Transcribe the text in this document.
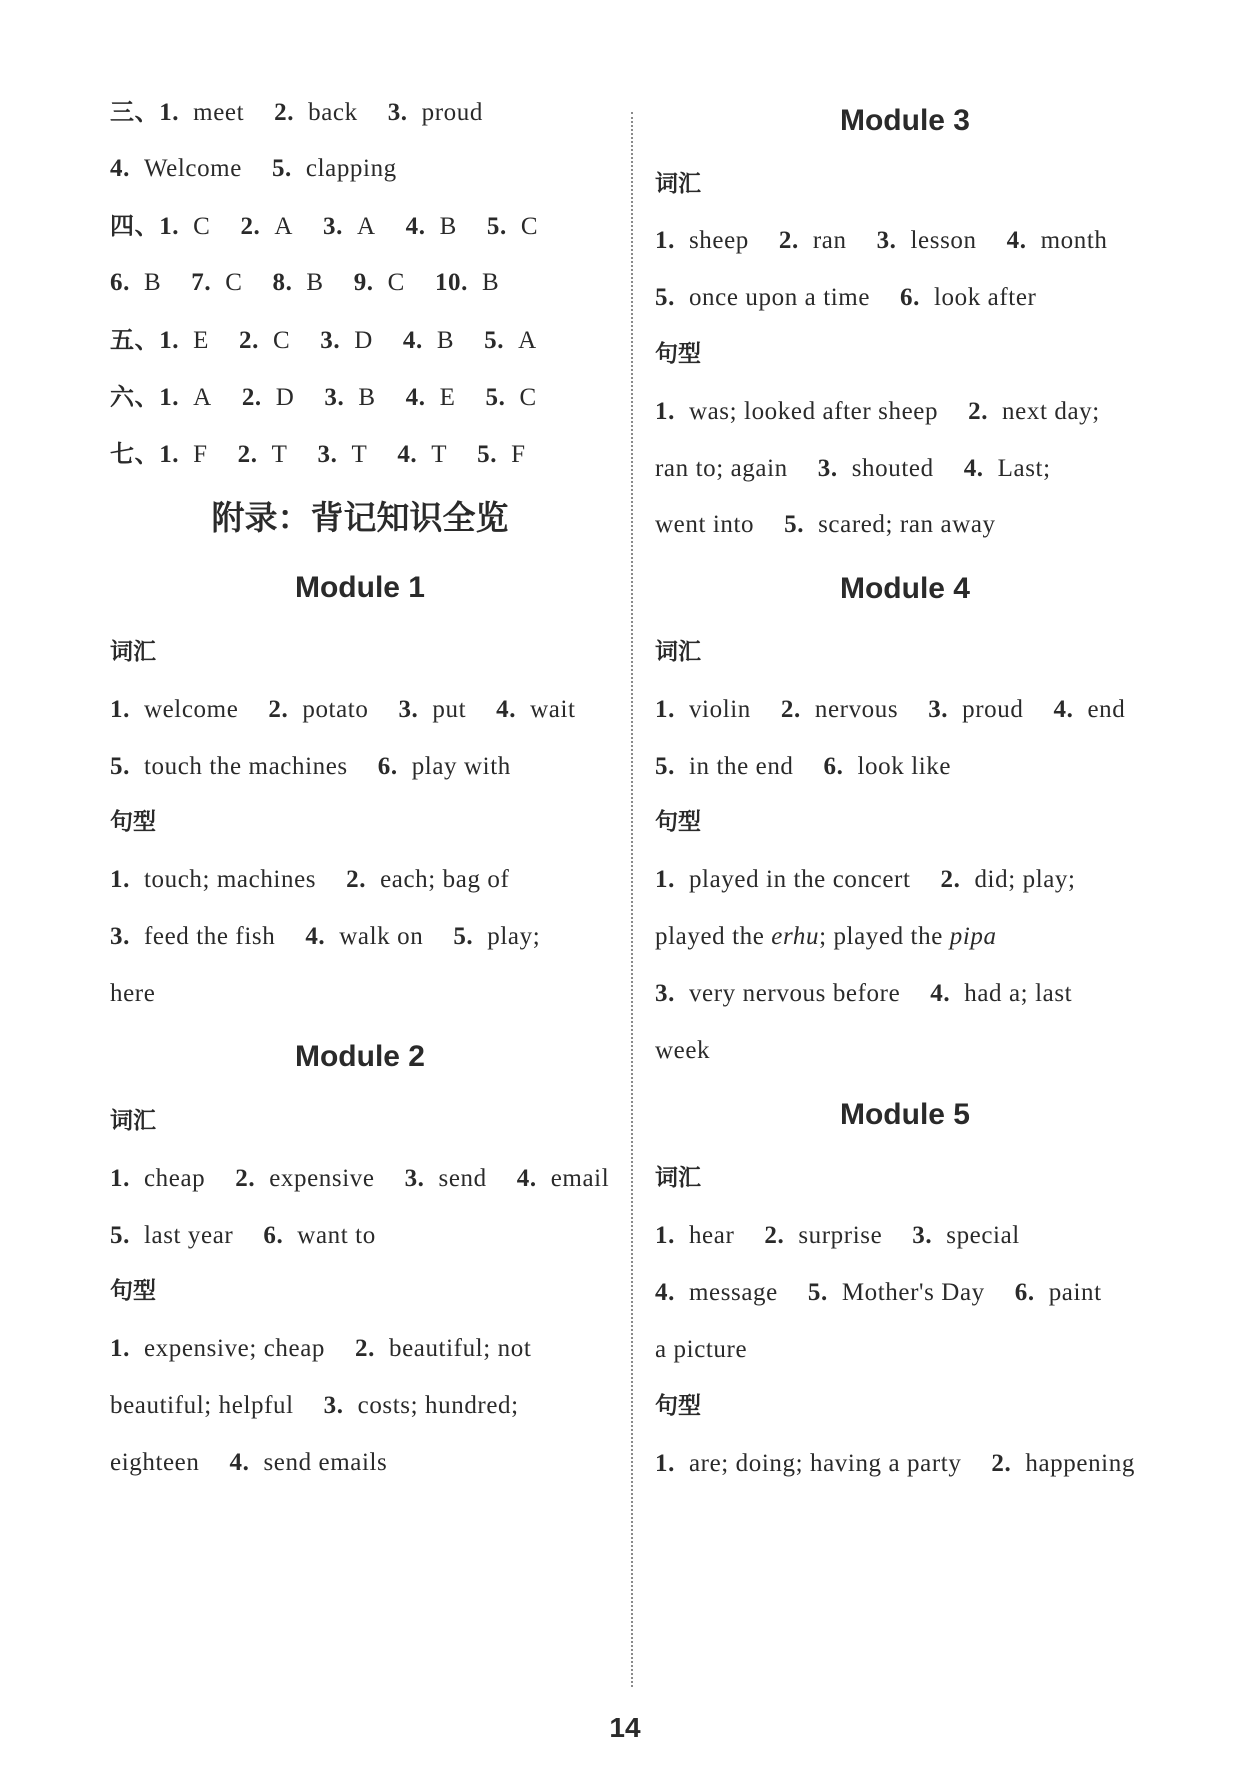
三、1. meet 2. back 3. proud
4. Welcome 5. clapping
四、1. C 2. A 3. A 4. B 5. C
6. B 7. C 8. B 9. C 10. B
五、1. E 2. C 3. D 4. B 5. A
六、1. A 2. D 3. B 4. E 5. C
七、1. F 2. T 3. T 4. T 5. F
附录：背记知识全览
Module 1
词汇
1. welcome 2. potato 3. put 4. wait
5. touch the machines 6. play with
句型
1. touch; machines 2. each; bag of
3. feed the fish 4. walk on 5. play;
here
Module 2
词汇
1. cheap 2. expensive 3. send 4. email
5. last year 6. want to
句型
1. expensive; cheap 2. beautiful; not
beautiful; helpful 3. costs; hundred;
eighteen 4. send emails
Module 3
词汇
1. sheep 2. ran 3. lesson 4. month
5. once upon a time 6. look after
句型
1. was; looked after sheep 2. next day;
ran to; again 3. shouted 4. Last;
went into 5. scared; ran away
Module 4
词汇
1. violin 2. nervous 3. proud 4. end
5. in the end 6. look like
句型
1. played in the concert 2. did; play;
played the erhu; played the pipa
3. very nervous before 4. had a; last
week
Module 5
词汇
1. hear 2. surprise 3. special
4. message 5. Mother's Day 6. paint
a picture
句型
1. are; doing; having a party 2. happening
14
